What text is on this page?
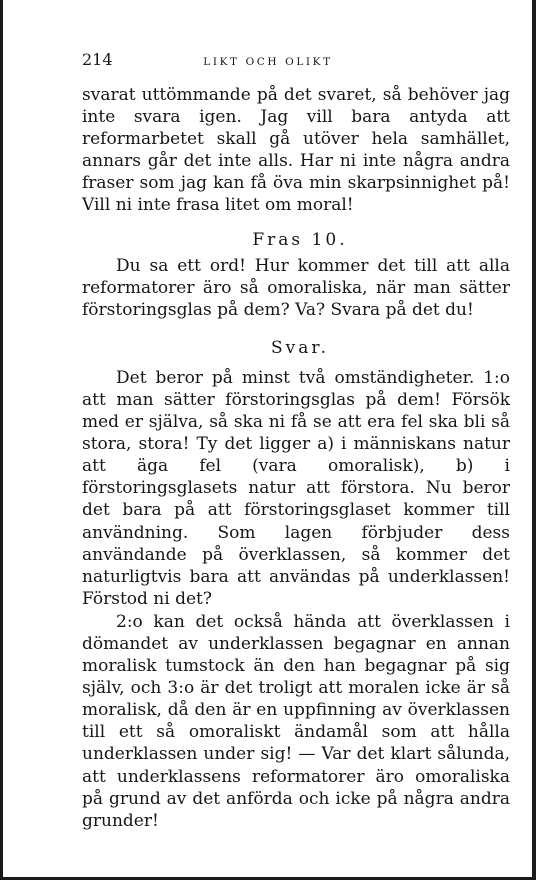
214	LIKT OCH OLIKT

svarat uttömmande på det svaret, så behöver jag inte svara igen. Jag vill bara antyda att reformarbetet skall gå utöver hela samhället, annars går det inte alls. Har ni inte några andra fraser som jag kan få öva min skarpsinnighet på! Vill ni inte frasa litet om moral!

Fras 10.

Du sa ett ord! Hur kommer det till att alla reformatorer äro så omoraliska, när man sätter förstoringsglas på dem? Va? Svara på det du!

Svar.

Det beror på minst två omständigheter. 1:o att man sätter förstoringsglas på dem! Försök med er själva, så ska ni få se att era fel ska bli så stora, stora! Ty det ligger a) i människans natur att äga fel (vara omoralisk), b) i förstoringsglasets natur att förstora. Nu beror det bara på att förstoringsglaset kommer till användning. Som lagen förbjuder dess användande på överklassen, så kommer det naturligtvis bara att användas på underklassen! Förstod ni det?

2:o kan det också hända att överklassen i dömandet av underklassen begagnar en annan moralisk tumstock än den han begagnar på sig själv, och 3:o är det troligt att moralen icke är så moralisk, då den är en uppfinning av överklassen till ett så omoraliskt ändamål som att hålla underklassen under sig! — Var det klart sålunda, att underklassens reformatorer äro omoraliska på grund av det anförda och icke på några andra grunder!
